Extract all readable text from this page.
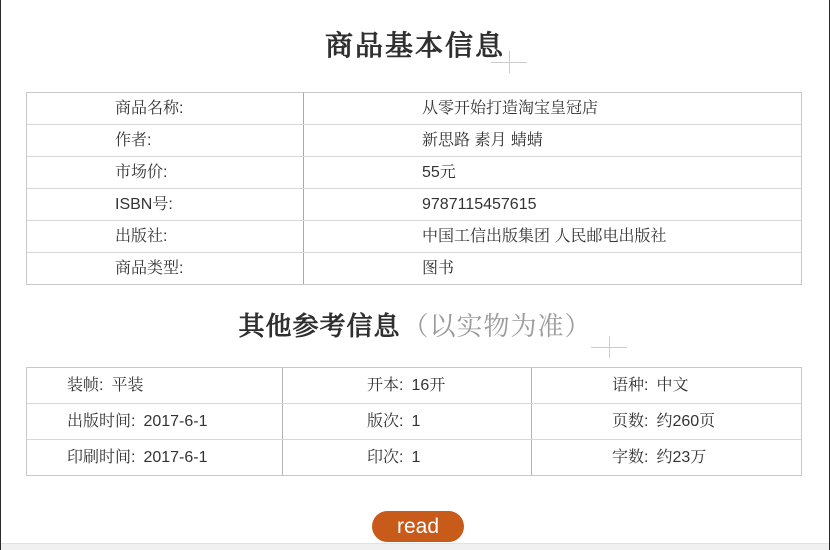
商品基本信息
商品名称:	从零开始打造淘宝皇冠店
作者:	新思路 素月 蜻蜻
市场价:	55元
ISBN号:	9787115457615
出版社:	中国工信出版集团 人民邮电出版社
商品类型:	图书
其他参考信息（以实物为准）
装帧: 平装	开本: 16开	语种: 中文
出版时间: 2017-6-1	版次: 1	页数: 约260页
印刷时间: 2017-6-1	印次: 1	字数: 约23万
read
